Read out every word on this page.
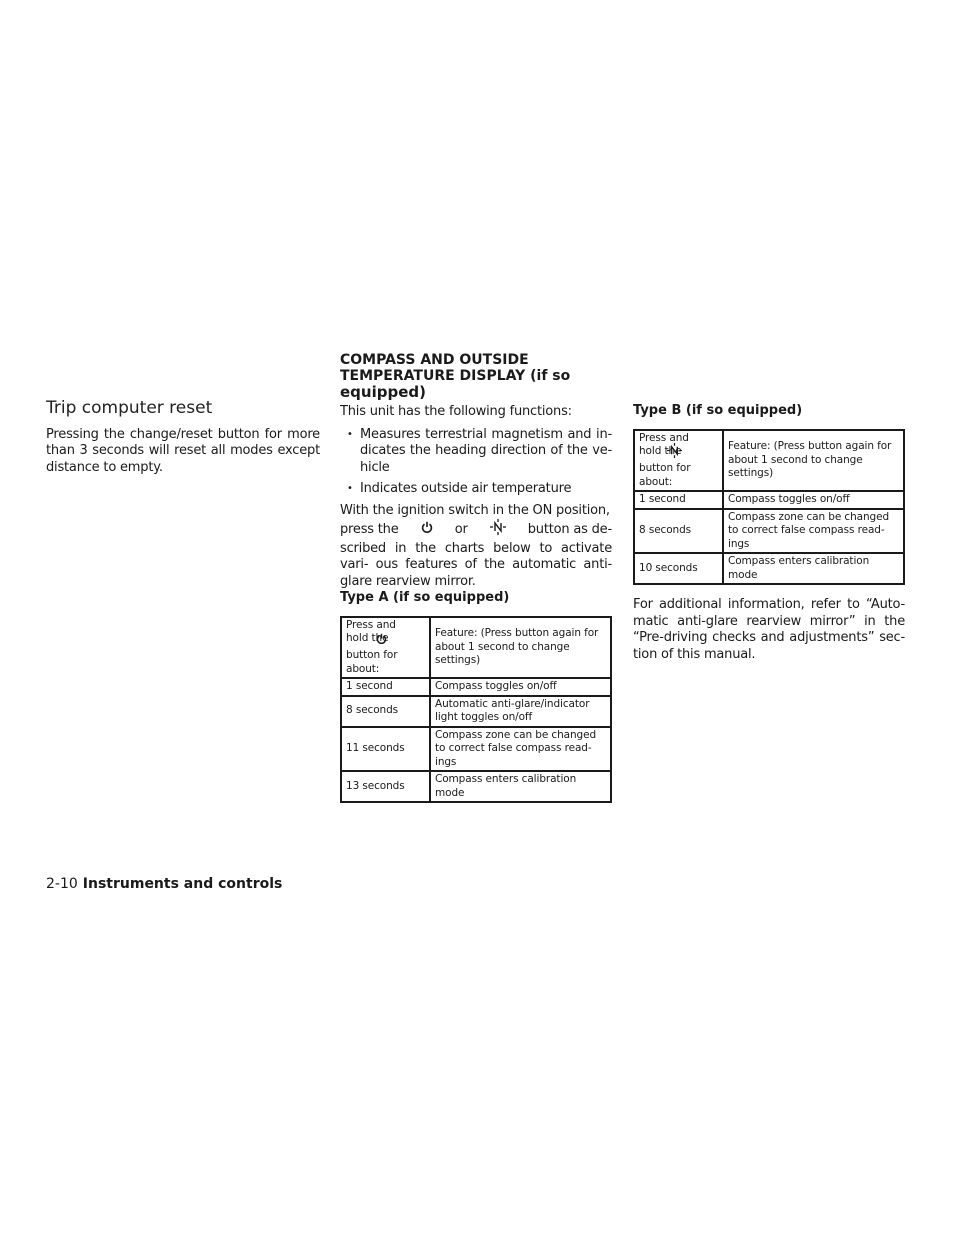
Trip computer reset

Pressing the change/reset button for more than 3 seconds will reset all modes except distance to empty.

COMPASS AND OUTSIDE
TEMPERATURE DISPLAY (if so
equipped)

This unit has the following functions:

• Measures terrestrial magnetism and in- dicates the heading direction of the ve- hicle
• Indicates outside air temperature

With the ignition switch in the ON position,

press the	or	button as de-
scribed in the charts below to activate vari- ous features of the automatic anti-glare rearview mirror.

Type A (if so equipped)
Press and hold the
button for about:	Feature: (Press button again for about 1 second to change settings)
1 second	Compass toggles on/off
8 seconds	Automatic anti-glare/indicator light toggles on/off
11 seconds	Compass zone can be changed to correct false compass read- ings
13 seconds	Compass enters calibration mode
Type B (if so equipped)
Press and hold the
button for about:	Feature: (Press button again for about 1 second to change settings)
1 second	Compass toggles on/off
8 seconds	Compass zone can be changed to correct false compass read- ings
10 seconds	Compass enters calibration mode

For additional information, refer to “Auto- matic anti-glare rearview mirror” in the “Pre-driving checks and adjustments” sec- tion of this manual.

2-10 Instruments and controls
